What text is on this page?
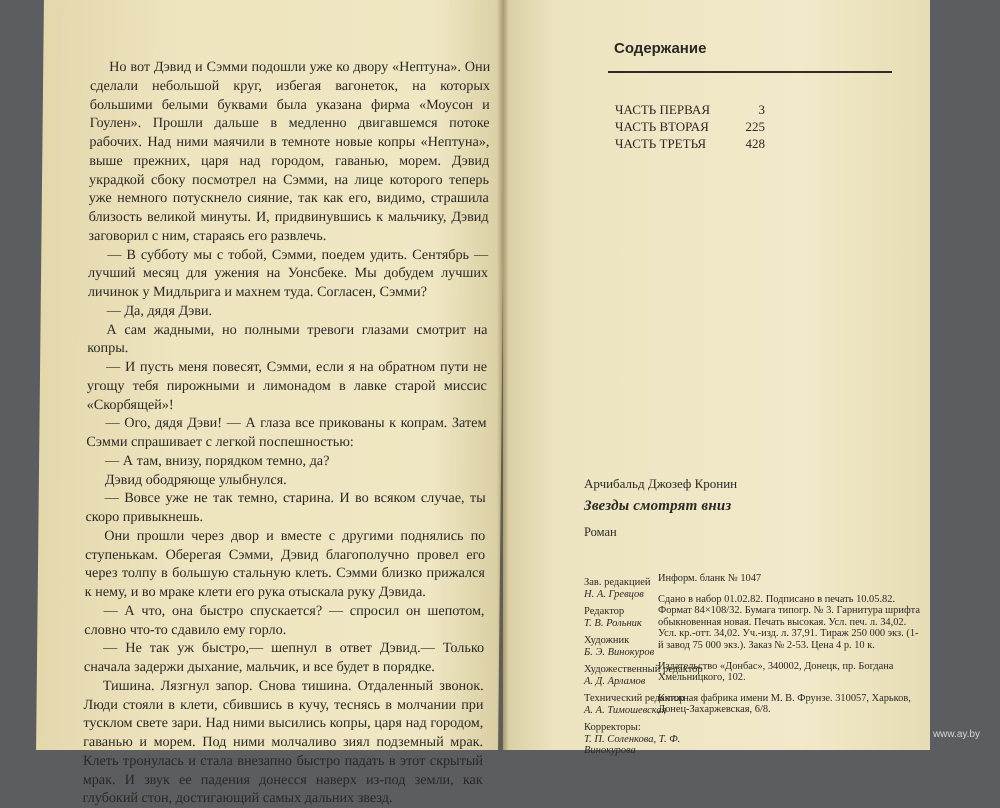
Но вот Дэвид и Сэмми подошли уже ко двору «Нептуна». Они сделали небольшой круг, избегая вагонеток, на которых большими белыми буквами была указана фирма «Моусон и Гоулен». Прошли дальше в медленно двигавшемся потоке рабочих. Над ними маячили в темноте новые копры «Нептуна», выше прежних, царя над городом, гаванью, морем. Дэвид украдкой сбоку посмотрел на Сэмми, на лице которого теперь уже немного потускнело сияние, так как его, видимо, страшила близость великой минуты. И, придвинувшись к мальчику, Дэвид заговорил с ним, стараясь его развлечь.

— В субботу мы с тобой, Сэмми, поедем удить. Сентябрь — лучший месяц для ужения на Уонсбеке. Мы добудем лучших личинок у Мидльрига и махнем туда. Согласен, Сэмми?

— Да, дядя Дэви.

А сам жадными, но полными тревоги глазами смотрит на копры.

— И пусть меня повесят, Сэмми, если я на обратном пути не угощу тебя пирожными и лимонадом в лавке старой миссис «Скорбящей»!

— Ого, дядя Дэви! — А глаза все прикованы к копрам. Затем Сэмми спрашивает с легкой поспешностью:

— А там, внизу, порядком темно, да?

Дэвид ободряюще улыбнулся.

— Вовсе уже не так темно, старина. И во всяком случае, ты скоро привыкнешь.

Они прошли через двор и вместе с другими поднялись по ступенькам. Оберегая Сэмми, Дэвид благополучно провел его через толпу в большую стальную клеть. Сэмми близко прижался к нему, и во мраке клети его рука отыскала руку Дэвида.

— А что, она быстро спускается? — спросил он шепотом, словно что-то сдавило ему горло.

— Не так уж быстро,— шепнул в ответ Дэвид.— Только сначала задержи дыхание, мальчик, и все будет в порядке.

Тишина. Лязгнул запор. Снова тишина. Отдаленный звонок. Люди стояли в клети, сбившись в кучу, теснясь в молчании при тусклом свете зари. Над ними высились копры, царя над городом, гаванью и морем. Под ними молчаливо зиял подземный мрак. Клеть тронулась и стала внезапно быстро падать в этот скрытый мрак. И звук ее падения донесся наверх из-под земли, как глубокий стон, достигающий самых дальних звезд.

Содержание
ЧАСТЬ ПЕРВАЯ	3
ЧАСТЬ ВТОРАЯ	225
ЧАСТЬ ТРЕТЬЯ	428
Арчибальд Джозеф Кронин
Звезды смотрят вниз
Роман
Зав. редакцией
Н. А. Гревцов
Редактор
Т. В. Рольник
Художник
Б. Э. Винокуров
Художественный редактор
А. Д. Арламов
Технический редактор
А. А. Тимошевская
Корректоры:
Т. П. Соленкова, Т. Ф. Винокурова

Информ. бланк № 1047

Сдано в набор 01.02.82. Подписано в печать 10.05.82. Формат 84×108/32. Бумага типогр. № 3. Гарнитура шрифта обыкновенная новая. Печать высокая. Усл. печ. л. 34,02. Усл. кр.-отт. 34,02. Уч.-изд. л. 37,91. Тираж 250 000 экз. (1-й завод 75 000 экз.). Заказ № 2-53. Цена 4 р. 10 к.

Издательство «Донбас», 340002, Донецк, пр. Богдана Хмельницкого, 102.

Книжная фабрика имени М. В. Фрунзе. 310057, Харьков, Донец-Захаржевская, 6/8.

www.ay.by
